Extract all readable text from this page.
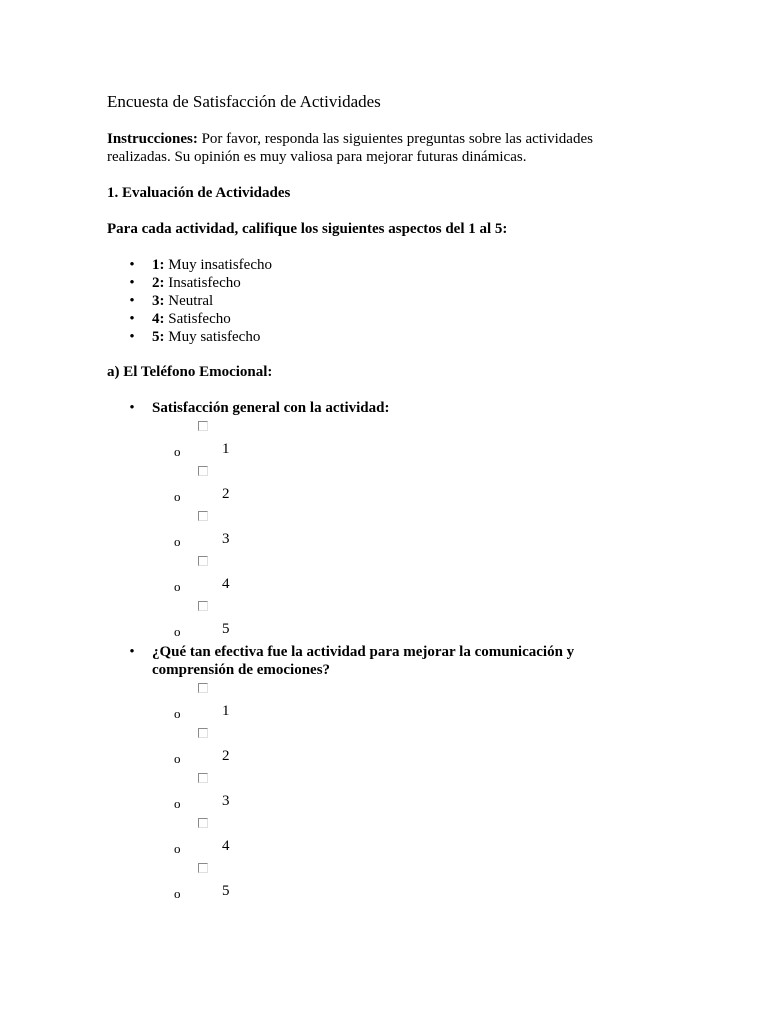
Encuesta de Satisfacción de Actividades

Instrucciones: Por favor, responda las siguientes preguntas sobre las actividades realizadas. Su opinión es muy valiosa para mejorar futuras dinámicas.

1. Evaluación de Actividades

Para cada actividad, califique los siguientes aspectos del 1 al 5:

• 1: Muy insatisfecho
• 2: Insatisfecho
• 3: Neutral
• 4: Satisfecho
• 5: Muy satisfecho

a) El Teléfono Emocional:

• Satisfacción general con la actividad:
o	1
o	2
o	3
o	4
o	5
• ¿Qué tan efectiva fue la actividad para mejorar la comunicación y comprensión de emociones?
o	1
o	2
o	3
o	4
o	5
